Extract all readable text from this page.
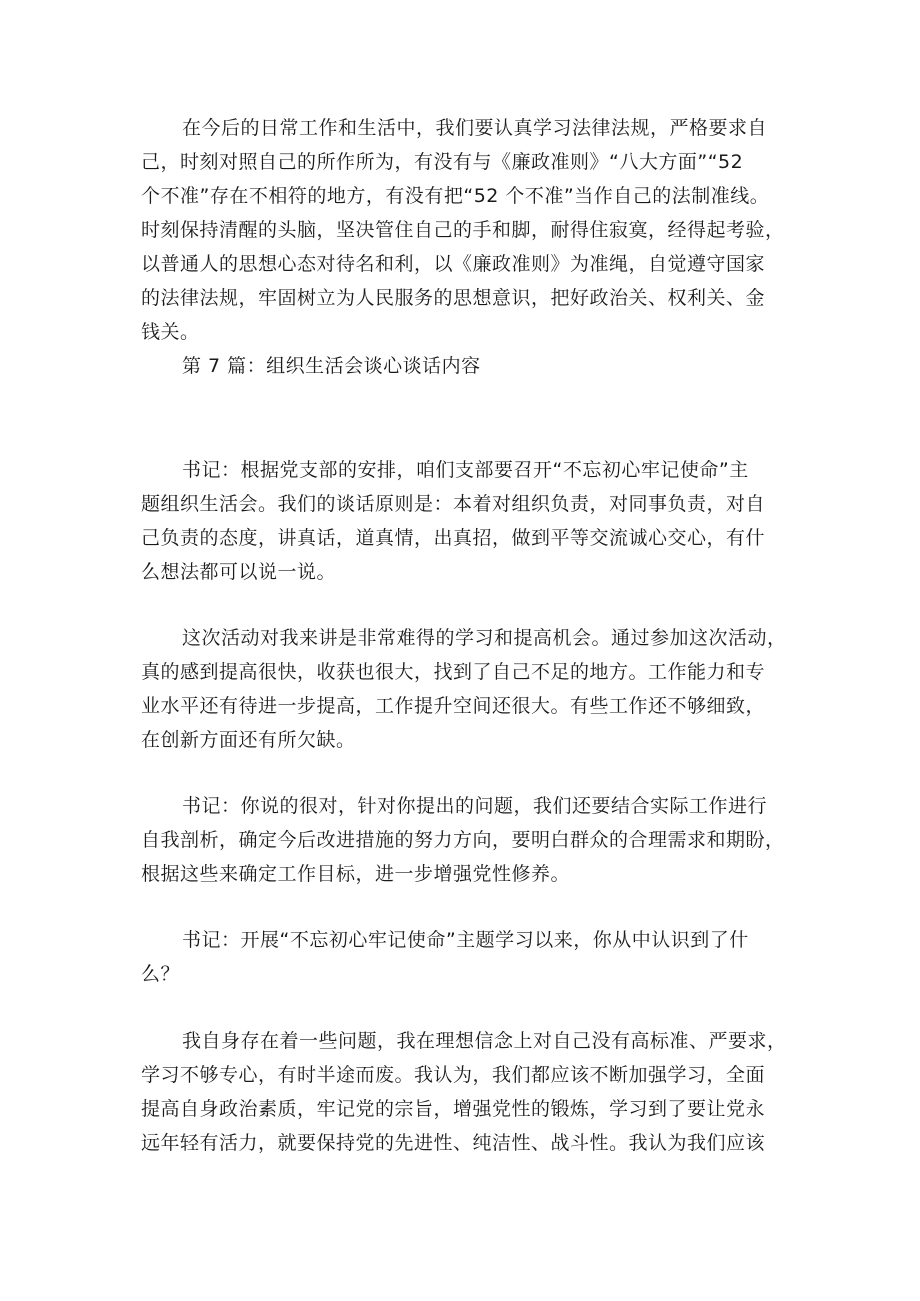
在今后的日常工作和生活中，我们要认真学习法律法规，严格要求自
己，时刻对照自己的所作所为，有没有与《廉政准则》“八大方面”“52
个不准”存在不相符的地方，有没有把“52 个不准”当作自己的法制准线。
时刻保持清醒的头脑，坚决管住自己的手和脚，耐得住寂寞，经得起考验，
以普通人的思想心态对待名和利，以《廉政准则》为准绳，自觉遵守国家
的法律法规，牢固树立为人民服务的思想意识，把好政治关、权利关、金
钱关。
第 7 篇：组织生活会谈心谈话内容
书记：根据党支部的安排，咱们支部要召开“不忘初心牢记使命”主
题组织生活会。我们的谈话原则是：本着对组织负责，对同事负责，对自
己负责的态度，讲真话，道真情，出真招，做到平等交流诚心交心，有什
么想法都可以说一说。
这次活动对我来讲是非常难得的学习和提高机会。通过参加这次活动，
真的感到提高很快，收获也很大，找到了自己不足的地方。工作能力和专
业水平还有待进一步提高，工作提升空间还很大。有些工作还不够细致，
在创新方面还有所欠缺。
书记：你说的很对，针对你提出的问题，我们还要结合实际工作进行
自我剖析，确定今后改进措施的努力方向，要明白群众的合理需求和期盼，
根据这些来确定工作目标，进一步增强党性修养。
书记：开展“不忘初心牢记使命”主题学习以来，你从中认识到了什
么？
我自身存在着一些问题，我在理想信念上对自己没有高标准、严要求，
学习不够专心，有时半途而废。我认为，我们都应该不断加强学习，全面
提高自身政治素质，牢记党的宗旨，增强党性的锻炼，学习到了要让党永
远年轻有活力，就要保持党的先进性、纯洁性、战斗性。我认为我们应该
